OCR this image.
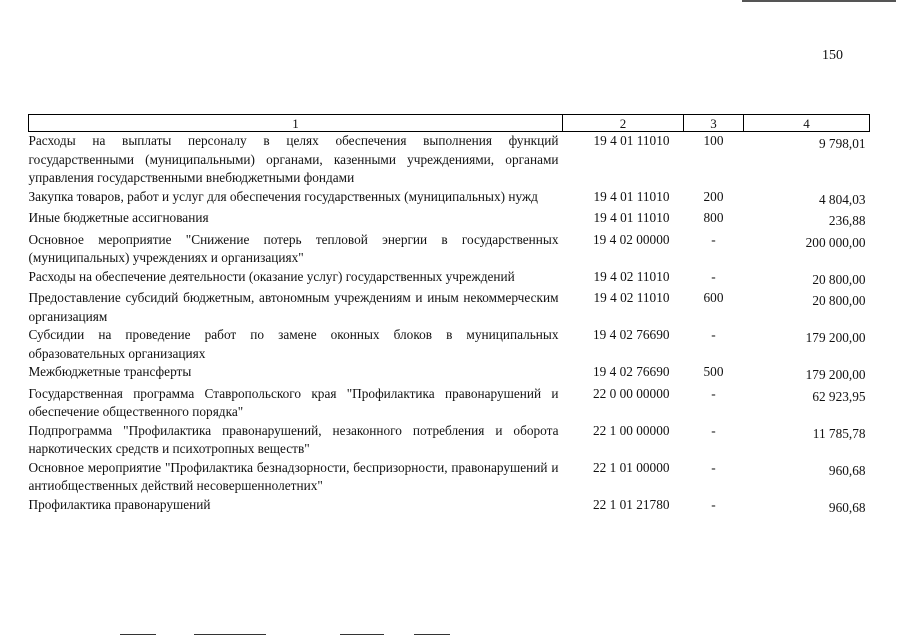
150
1	2	3	4
Расходы на выплаты персоналу в целях обеспечения выполнения функций государственными (муниципальными) органами, казенными учреждениями, органами управления государственными внебюджетными фондами	19 4 01 11010	100	9 798,01
Закупка товаров, работ и услуг для обеспечения государственных (муниципальных) нужд	19 4 01 11010	200	4 804,03
Иные бюджетные ассигнования	19 4 01 11010	800	236,88
Основное мероприятие "Снижение потерь тепловой энергии в государственных (муниципальных) учреждениях и организациях"	19 4 02 00000	-	200 000,00
Расходы на обеспечение деятельности (оказание услуг) государственных учреждений	19 4 02 11010	-	20 800,00
Предоставление субсидий бюджетным, автономным учреждениям и иным некоммерческим организациям	19 4 02 11010	600	20 800,00
Субсидии на проведение работ по замене оконных блоков в муниципальных образовательных организациях	19 4 02 76690	-	179 200,00
Межбюджетные трансферты	19 4 02 76690	500	179 200,00
Государственная программа Ставропольского края "Профилактика правонарушений и обеспечение общественного порядка"	22 0 00 00000	-	62 923,95
Подпрограмма "Профилактика правонарушений, незаконного потребления и оборота наркотических средств и психотропных веществ"	22 1 00 00000	-	11 785,78
Основное мероприятие "Профилактика безнадзорности, беспризорности, правонарушений и антиобщественных действий несовершеннолетних"	22 1 01 00000	-	960,68
Профилактика правонарушений	22 1 01 21780	-	960,68
